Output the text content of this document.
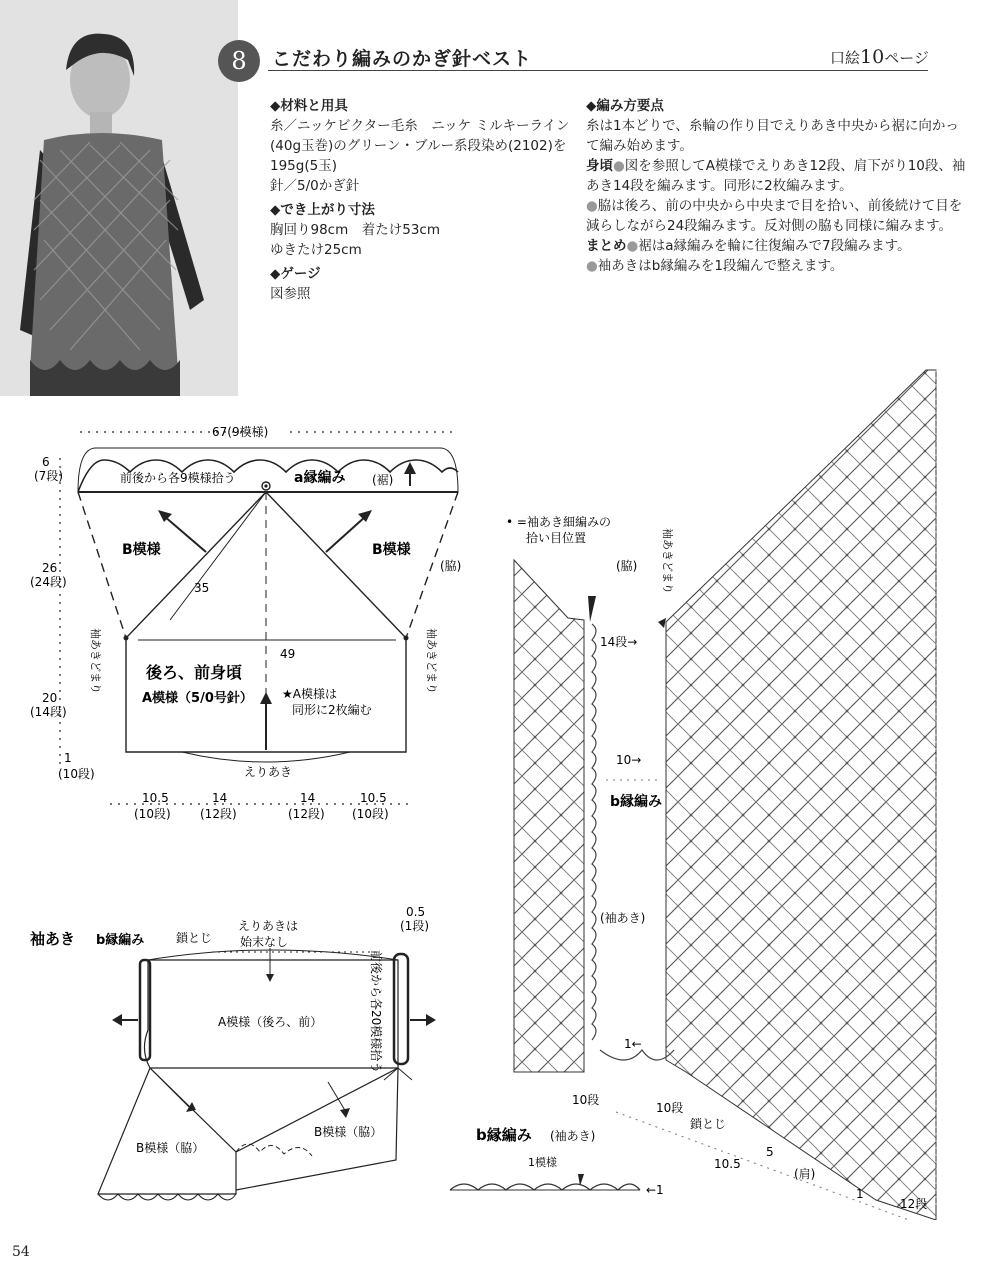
8	こだわり編みのかぎ針ベスト	口絵10ページ
◆材料と用具

糸／ニッケビクター毛糸　ニッケ ミルキーライン(40g玉巻)のグリーン・ブルー系段染め(2102)を195g(5玉)

針／5/0かぎ針

◆でき上がり寸法

胸回り98cm　着たけ53cm

ゆきたけ25cm

◆ゲージ

図参照

◆編み方要点

糸は1本どりで、糸輪の作り目でえりあき中央から裾に向かって編み始めます。

身頃●図を参照してA模様でえりあき12段、肩下がり10段、袖あき14段を編みます。同形に2枚編みます。

●脇は後ろ、前の中央から中央まで目を拾い、前後続けて目を減らしながら24段編みます。反対側の脇も同様に編みます。

まとめ●裾はa縁編みを輪に往復編みで7段編みます。

●袖あきはb縁編みを1段編んで整えます。

67(9模様)
6
(7段)
26
(24段)
20
(14段)
1
(10段)
前後から各9模様拾う	a縁編み (裾)
B模様	B模様
(脇)
35
49
後ろ、前身頃
A模様（5/0号針） ★A模様は
同形に2枚編む
えりあき
10.5
(10段)
14
(12段)
14
(12段)
10.5
(10段)
袖あきどまり	袖あきどまり
袖あき b縁編み	鎖とじ
えりあきは
始末なし
0.5
(1段)
A模様（後ろ、前）
B模様（脇）
B模様（脇）
前後から各20模様拾う
• =袖あき細編みの
拾い目位置
(脇)
14段→
10→
b縁編み
(袖あき)
1←
10段
10段
鎖とじ
10.5
5
(肩)
1
12段
袖あきどまり
b縁編み (袖あき)
1模様
←1
54
